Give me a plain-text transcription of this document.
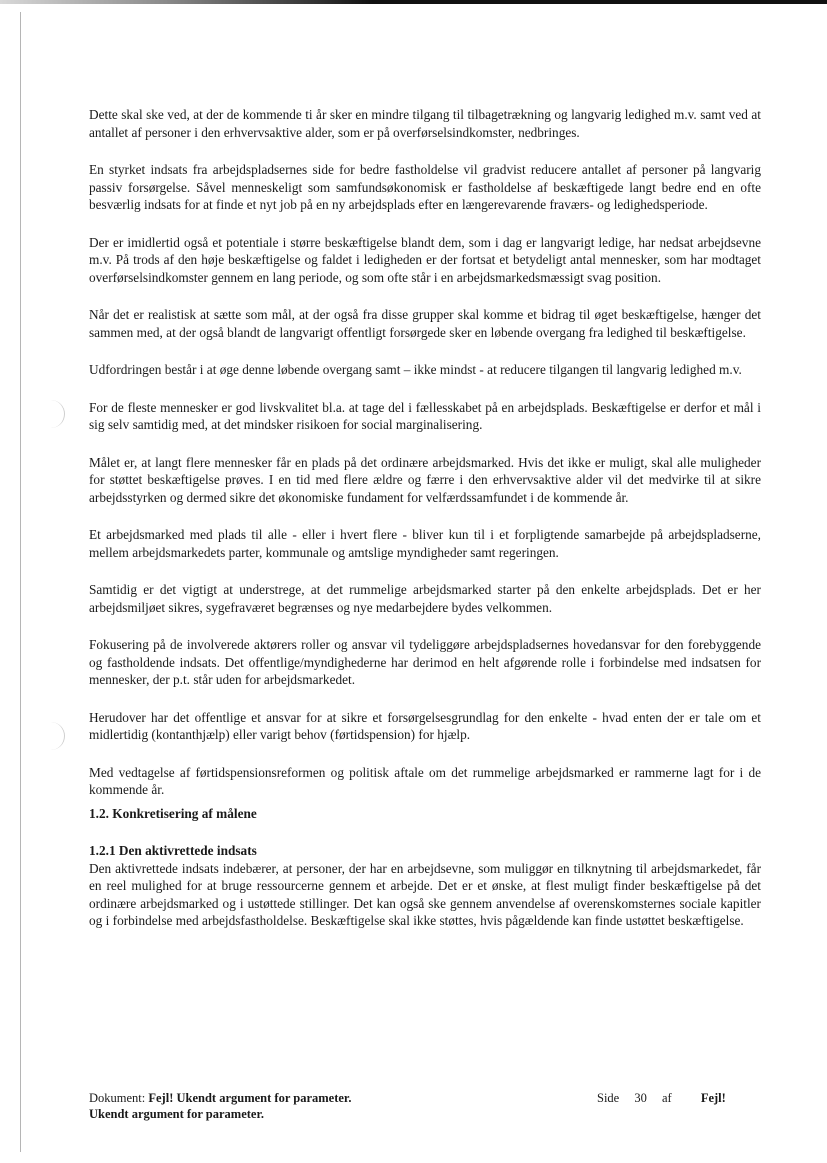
Dette skal ske ved, at der de kommende ti år sker en mindre tilgang til tilbagetrækning og langvarig ledighed m.v. samt ved at antallet af personer i den erhvervsaktive alder, som er på overførselsindkomster, nedbringes.

En styrket indsats fra arbejdspladsernes side for bedre fastholdelse vil gradvist reducere antallet af personer på langvarig passiv forsørgelse. Såvel menneskeligt som samfundsøkonomisk er fastholdelse af beskæftigede langt bedre end en ofte besværlig indsats for at finde et nyt job på en ny arbejdsplads efter en længerevarende fraværs- og ledighedsperiode.

Der er imidlertid også et potentiale i større beskæftigelse blandt dem, som i dag er langvarigt ledige, har nedsat arbejdsevne m.v. På trods af den høje beskæftigelse og faldet i ledigheden er der fortsat et betydeligt antal mennesker, som har modtaget overførselsindkomster gennem en lang periode, og som ofte står i en arbejdsmarkedsmæssigt svag position.

Når det er realistisk at sætte som mål, at der også fra disse grupper skal komme et bidrag til øget beskæftigelse, hænger det sammen med, at der også blandt de langvarigt offentligt forsørgede sker en løbende overgang fra ledighed til beskæftigelse.

Udfordringen består i at øge denne løbende overgang samt – ikke mindst - at reducere tilgangen til langvarig ledighed m.v.

For de fleste mennesker er god livskvalitet bl.a. at tage del i fællesskabet på en arbejdsplads. Beskæftigelse er derfor et mål i sig selv samtidig med, at det mindsker risikoen for social marginalisering.

Målet er, at langt flere mennesker får en plads på det ordinære arbejdsmarked. Hvis det ikke er muligt, skal alle muligheder for støttet beskæftigelse prøves. I en tid med flere ældre og færre i den erhvervsaktive alder vil det medvirke til at sikre arbejdsstyrken og dermed sikre det økonomiske fundament for velfærdssamfundet i de kommende år.

Et arbejdsmarked med plads til alle - eller i hvert flere - bliver kun til i et forpligtende samarbejde på arbejdspladserne, mellem arbejdsmarkedets parter, kommunale og amtslige myndigheder samt regeringen.

Samtidig er det vigtigt at understrege, at det rummelige arbejdsmarked starter på den enkelte arbejdsplads. Det er her arbejdsmiljøet sikres, sygefraværet begrænses og nye medarbejdere bydes velkommen.

Fokusering på de involverede aktørers roller og ansvar vil tydeliggøre arbejdspladsernes hovedansvar for den forebyggende og fastholdende indsats. Det offentlige/myndighederne har derimod en helt afgørende rolle i forbindelse med indsatsen for mennesker, der p.t. står uden for arbejdsmarkedet.

Herudover har det offentlige et ansvar for at sikre et forsørgelsesgrundlag for den enkelte - hvad enten der er tale om et midlertidig (kontanthjælp) eller varigt behov (førtidspension) for hjælp.

Med vedtagelse af førtidspensionsreformen og politisk aftale om det rummelige arbejdsmarked er rammerne lagt for i de kommende år.

1.2. Konkretisering af målene
1.2.1 Den aktivrettede indsats

Den aktivrettede indsats indebærer, at personer, der har en arbejdsevne, som muliggør en tilknytning til arbejdsmarkedet, får en reel mulighed for at bruge ressourcerne gennem et arbejde. Det er et ønske, at flest muligt finder beskæftigelse på det ordinære arbejdsmarked og i ustøttede stillinger. Det kan også ske gennem anvendelse af overenskomsternes sociale kapitler og i forbindelse med arbejdsfastholdelse. Beskæftigelse skal ikke støttes, hvis pågældende kan finde ustøttet beskæftigelse.

Dokument: Fejl! Ukendt argument for parameter.
Ukendt argument for parameter.
Side 30 af Fejl!
